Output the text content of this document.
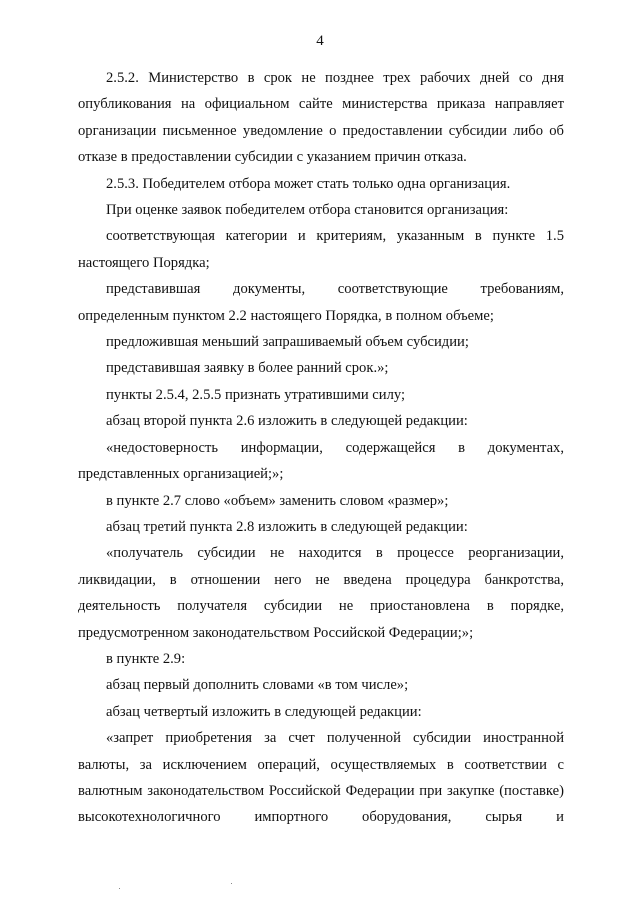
4

2.5.2. Министерство в срок не позднее трех рабочих дней со дня опубликования на официальном сайте министерства приказа направляет организации письменное уведомление о предоставлении субсидии либо об отказе в предоставлении субсидии с указанием причин отказа.

2.5.3. Победителем отбора может стать только одна организация.

При оценке заявок победителем отбора становится организация:

соответствующая категории и критериям, указанным в пункте 1.5 настоящего Порядка;

представившая документы, соответствующие требованиям, определенным пунктом 2.2 настоящего Порядка, в полном объеме;

предложившая меньший запрашиваемый объем субсидии;

представившая заявку в более ранний срок.»;

пункты 2.5.4, 2.5.5 признать утратившими силу;

абзац второй пункта 2.6 изложить в следующей редакции:

«недостоверность информации, содержащейся в документах, представленных организацией;»;

в пункте 2.7 слово «объем» заменить словом «размер»;

абзац третий пункта 2.8 изложить в следующей редакции:

«получатель субсидии не находится в процессе реорганизации, ликвидации, в отношении него не введена процедура банкротства, деятельность получателя субсидии не приостановлена в порядке, предусмотренном законодательством Российской Федерации;»;

в пункте 2.9:

абзац первый дополнить словами «в том числе»;

абзац четвертый изложить в следующей редакции:

«запрет приобретения за счет полученной субсидии иностранной валюты, за исключением операций, осуществляемых в соответствии с валютным законодательством Российской Федерации при закупке (поставке) высокотехнологичного импортного оборудования, сырья и
